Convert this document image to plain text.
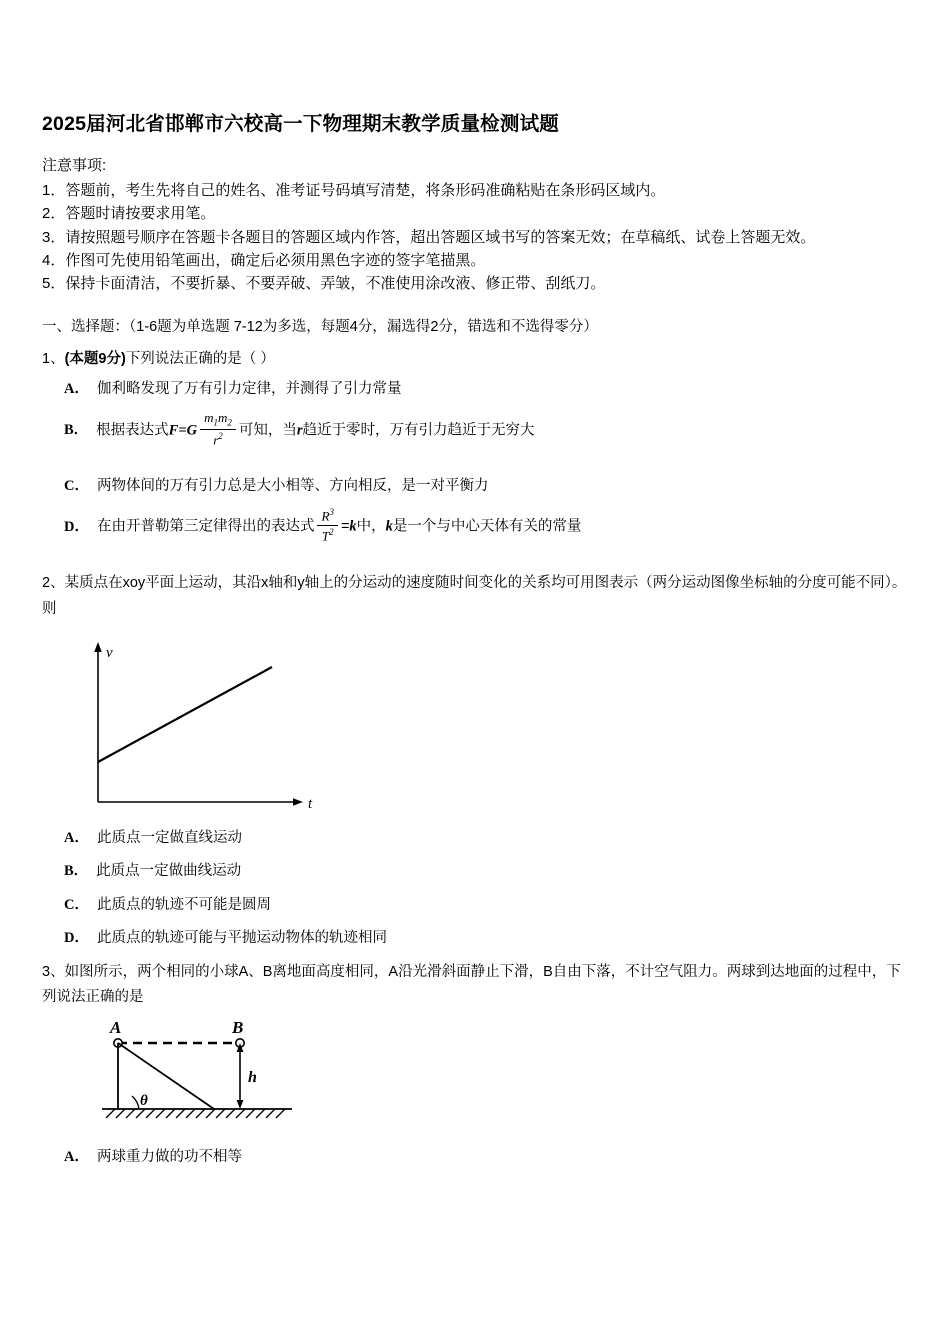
2025届河北省邯郸市六校高一下物理期末教学质量检测试题
注意事项:
1．答题前，考生先将自己的姓名、准考证号码填写清楚，将条形码准确粘贴在条形码区域内。
2．答题时请按要求用笔。
3．请按照题号顺序在答题卡各题目的答题区域内作答，超出答题区域书写的答案无效；在草稿纸、试卷上答题无效。
4．作图可先使用铅笔画出，确定后必须用黑色字迹的签字笔描黑。
5．保持卡面清洁，不要折暴、不要弄破、弄皱，不准使用涂改液、修正带、刮纸刀。
一、选择题：（1-6题为单选题 7-12为多选，每题4分，漏选得2分，错选和不选得零分）
1、(本题9分)下列说法正确的是（ ）
A． 伽利略发现了万有引力定律，并测得了引力常量
B． 根据表达式$F=G \frac{m_1m_2}{r^2}$ 可知，当r趋近于零时，万有引力趋近于无穷大
C． 两物体间的万有引力总是大小相等、方向相反，是一对平衡力
D． 在由开普勒第三定律得出的表达式 $\frac{R^3}{T^2} =k$中，k是一个与中心天体有关的常量
2、某质点在xoy平面上运动，其沿x轴和y轴上的分运动的速度随时间变化的关系均可用图表示（两分运动图像坐标轴的分度可能不同）。则
v
t
A． 此质点一定做直线运动
B． 此质点一定做曲线运动
C． 此质点的轨迹不可能是圆周
D． 此质点的轨迹可能与平抛运动物体的轨迹相同
3、如图所示，两个相同的小球A、B离地面高度相同，A沿光滑斜面静止下滑，B自由下落，不计空气阻力。两球到达地面的过程中，下列说法正确的是
A	B
h
θ
A． 两球重力做的功不相等
